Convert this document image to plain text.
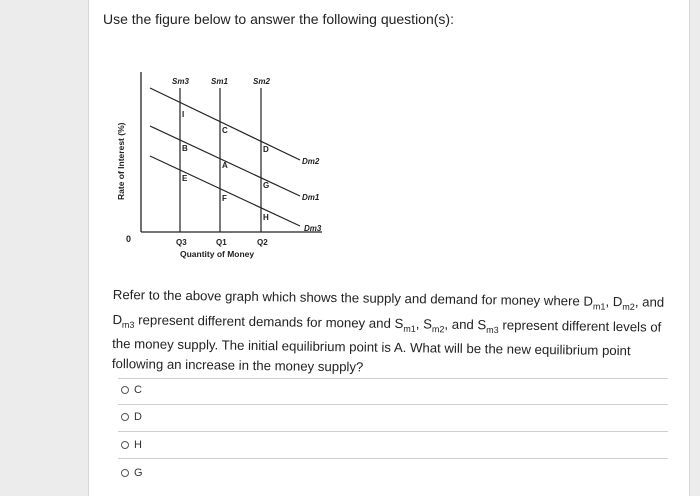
Use the figure below to answer the following question(s):
Rate of Interest (%)
0
Sm3	Sm1	Sm2
Dm2
Dm1
Dm3
I
C
B	D
A
E
G
F
H
Q3	Q1	Q2
Quantity of Money
Refer to the above graph which shows the supply and demand for money where $D_{m1}$, $D_{m2}$, and $D_{m3}$ represent different demands for money and $S_{m1}$, $S_{m2}$, and $S_{m3}$ represent different levels of the money supply. The initial equilibrium point is A. What will be the new equilibrium point following an increase in the money supply?
C
D
H
G
